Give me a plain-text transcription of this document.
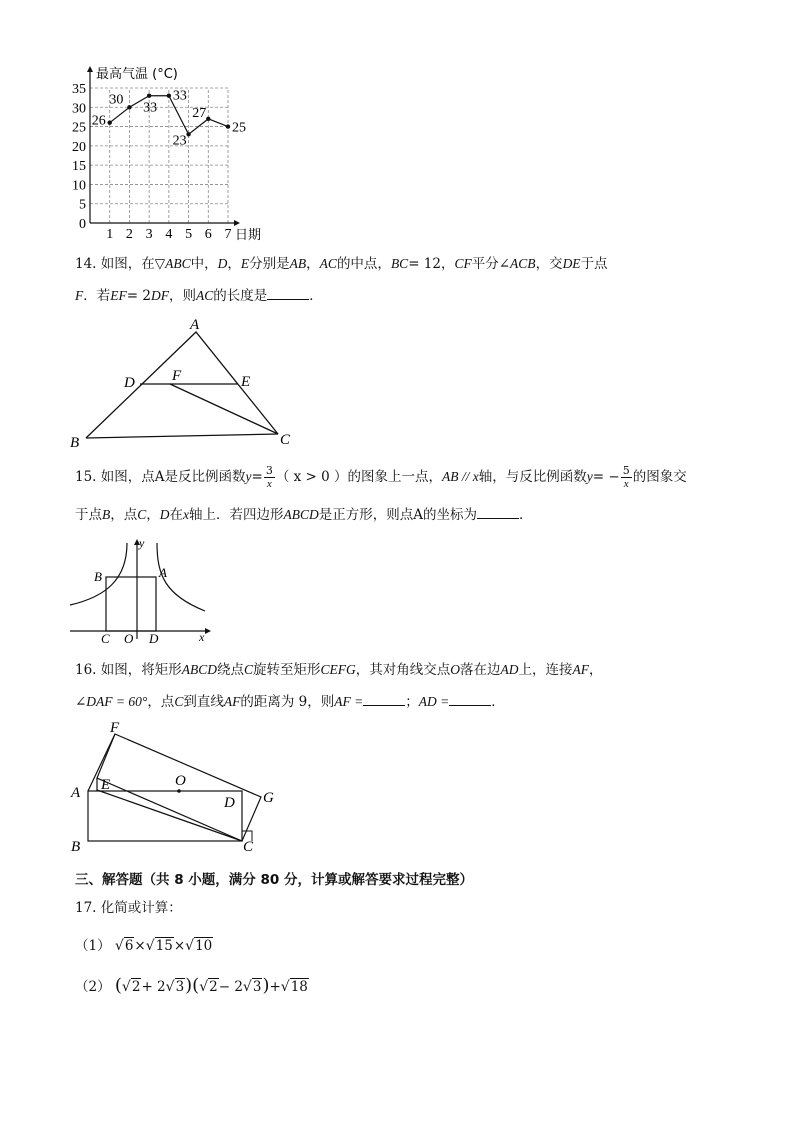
0
5
10
15
20
25
30
35
1 2 3 4 5 6 7
26
30
33
33
23
27
25
最高气温 (°C)
日期
14. 如图，在▽ABC中，D，E分别是AB，AC的中点，BC= 12，CF平分∠ACB，交DE于点
F．若EF= 2DF，则AC的长度是	．
A
D F	E
B	C
15. 如图，点A是反比例函数$y= \frac{3}{x}$ （ x > 0 ）的图象上一点，AB // x轴，与反比例函数$y= - \frac{5}{x}$ 的图象交
于点B，点C，D在x轴上．若四边形ABCD是正方形，则点A的坐标为	．
y
x
B	A
C O D
16. 如图，将矩形ABCD绕点C旋转至矩形CEFG，其对角线交点O落在边AD上，连接AF，
∠DAF = 60°，点C到直线AF的距离为 9，则AF =	；AD =	．
F
A E	O
D G
B	C
三、解答题（共 8 小题，满分 80 分，计算或解答要求过程完整）
17. 化简或计算：
（1） √6×√15×√10
（2） (√2+ 2√3)(√2− 2√3)+√18
